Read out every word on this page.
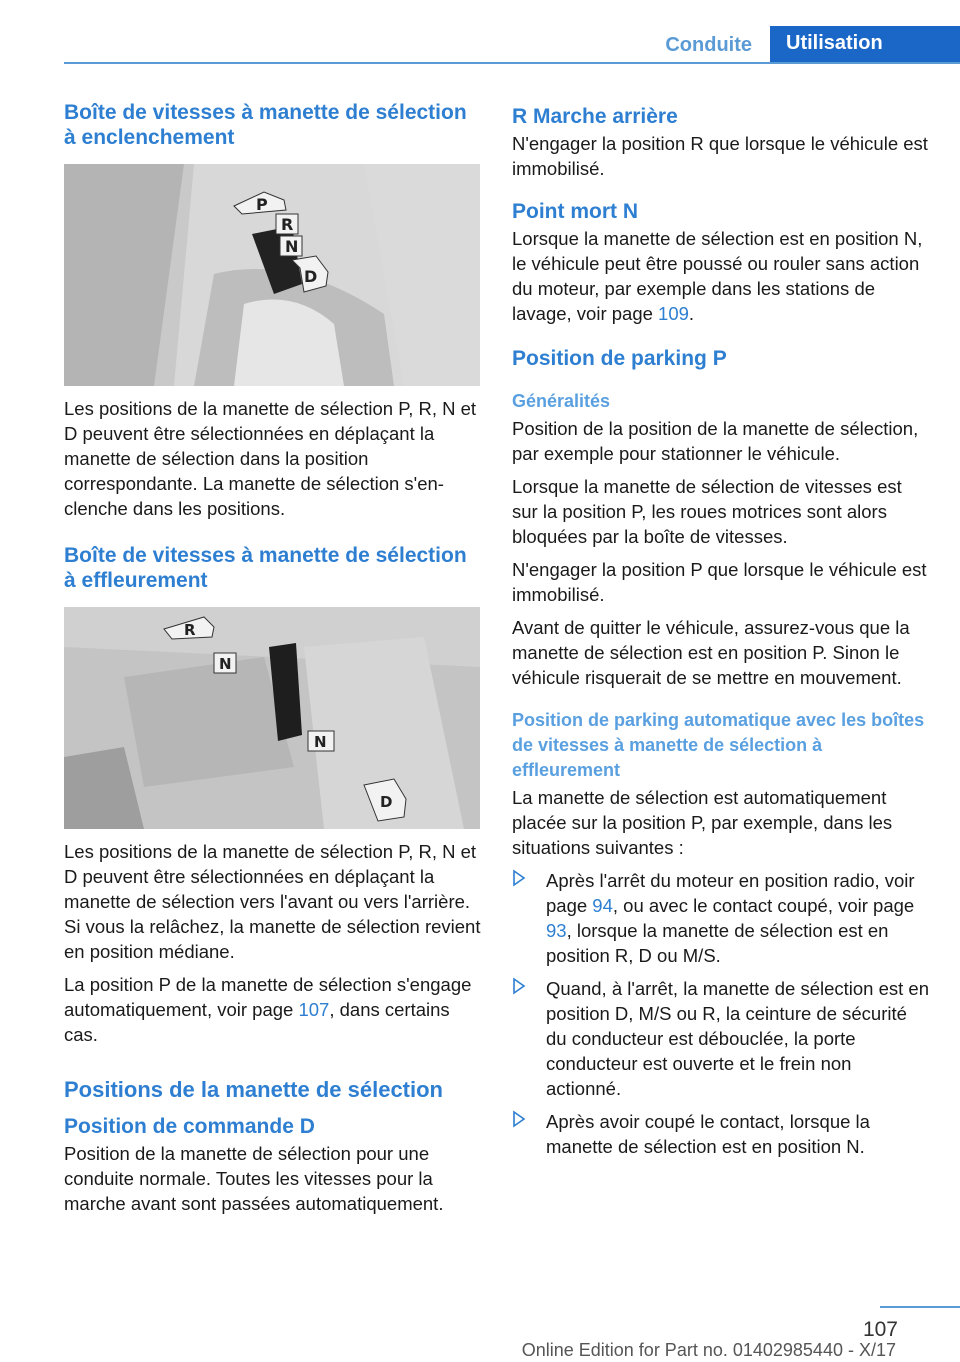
Conduite	Utilisation
Boîte de vitesses à manette de sélection à enclenchement
P
R
N
D

Les positions de la manette de sélection P, R, N et D peuvent être sélectionnées en déplaçant la manette de sélection dans la position correspondante. La manette de sélection s'enclenche dans les positions.

Boîte de vitesses à manette de sélection à effleurement
R
N
N
D

Les positions de la manette de sélection P, R, N et D peuvent être sélectionnées en déplaçant la manette de sélection vers l'avant ou vers l'arrière. Si vous la relâchez, la manette de sélection revient en position médiane.

La position P de la manette de sélection s'engage automatiquement, voir page 107, dans certains cas.

Positions de la manette de sélection
Position de commande D

Position de la manette de sélection pour une conduite normale. Toutes les vitesses pour la marche avant sont passées automatiquement.

R Marche arrière

N'engager la position R que lorsque le véhicule est immobilisé.

Point mort N

Lorsque la manette de sélection est en position N, le véhicule peut être poussé ou rouler sans action du moteur, par exemple dans les stations de lavage, voir page 109.

Position de parking P
Généralités

Position de la position de la manette de sélection, par exemple pour stationner le véhicule.

Lorsque la manette de sélection de vitesses est sur la position P, les roues motrices sont alors bloquées par la boîte de vitesses.

N'engager la position P que lorsque le véhicule est immobilisé.

Avant de quitter le véhicule, assurez-vous que la manette de sélection est en position P. Sinon le véhicule risquerait de se mettre en mouvement.

Position de parking automatique avec les boîtes de vitesses à manette de sélection à effleurement

La manette de sélection est automatiquement placée sur la position P, par exemple, dans les situations suivantes :

Après l'arrêt du moteur en position radio, voir page 94, ou avec le contact coupé, voir page 93, lorsque la manette de sélection est en position R, D ou M/S.
Quand, à l'arrêt, la manette de sélection est en position D, M/S ou R, la ceinture de sécurité du conducteur est débouclée, la porte conducteur est ouverte et le frein non actionné.
Après avoir coupé le contact, lorsque la manette de sélection est en position N.
107
Online Edition for Part no. 01402985440 - X/17
